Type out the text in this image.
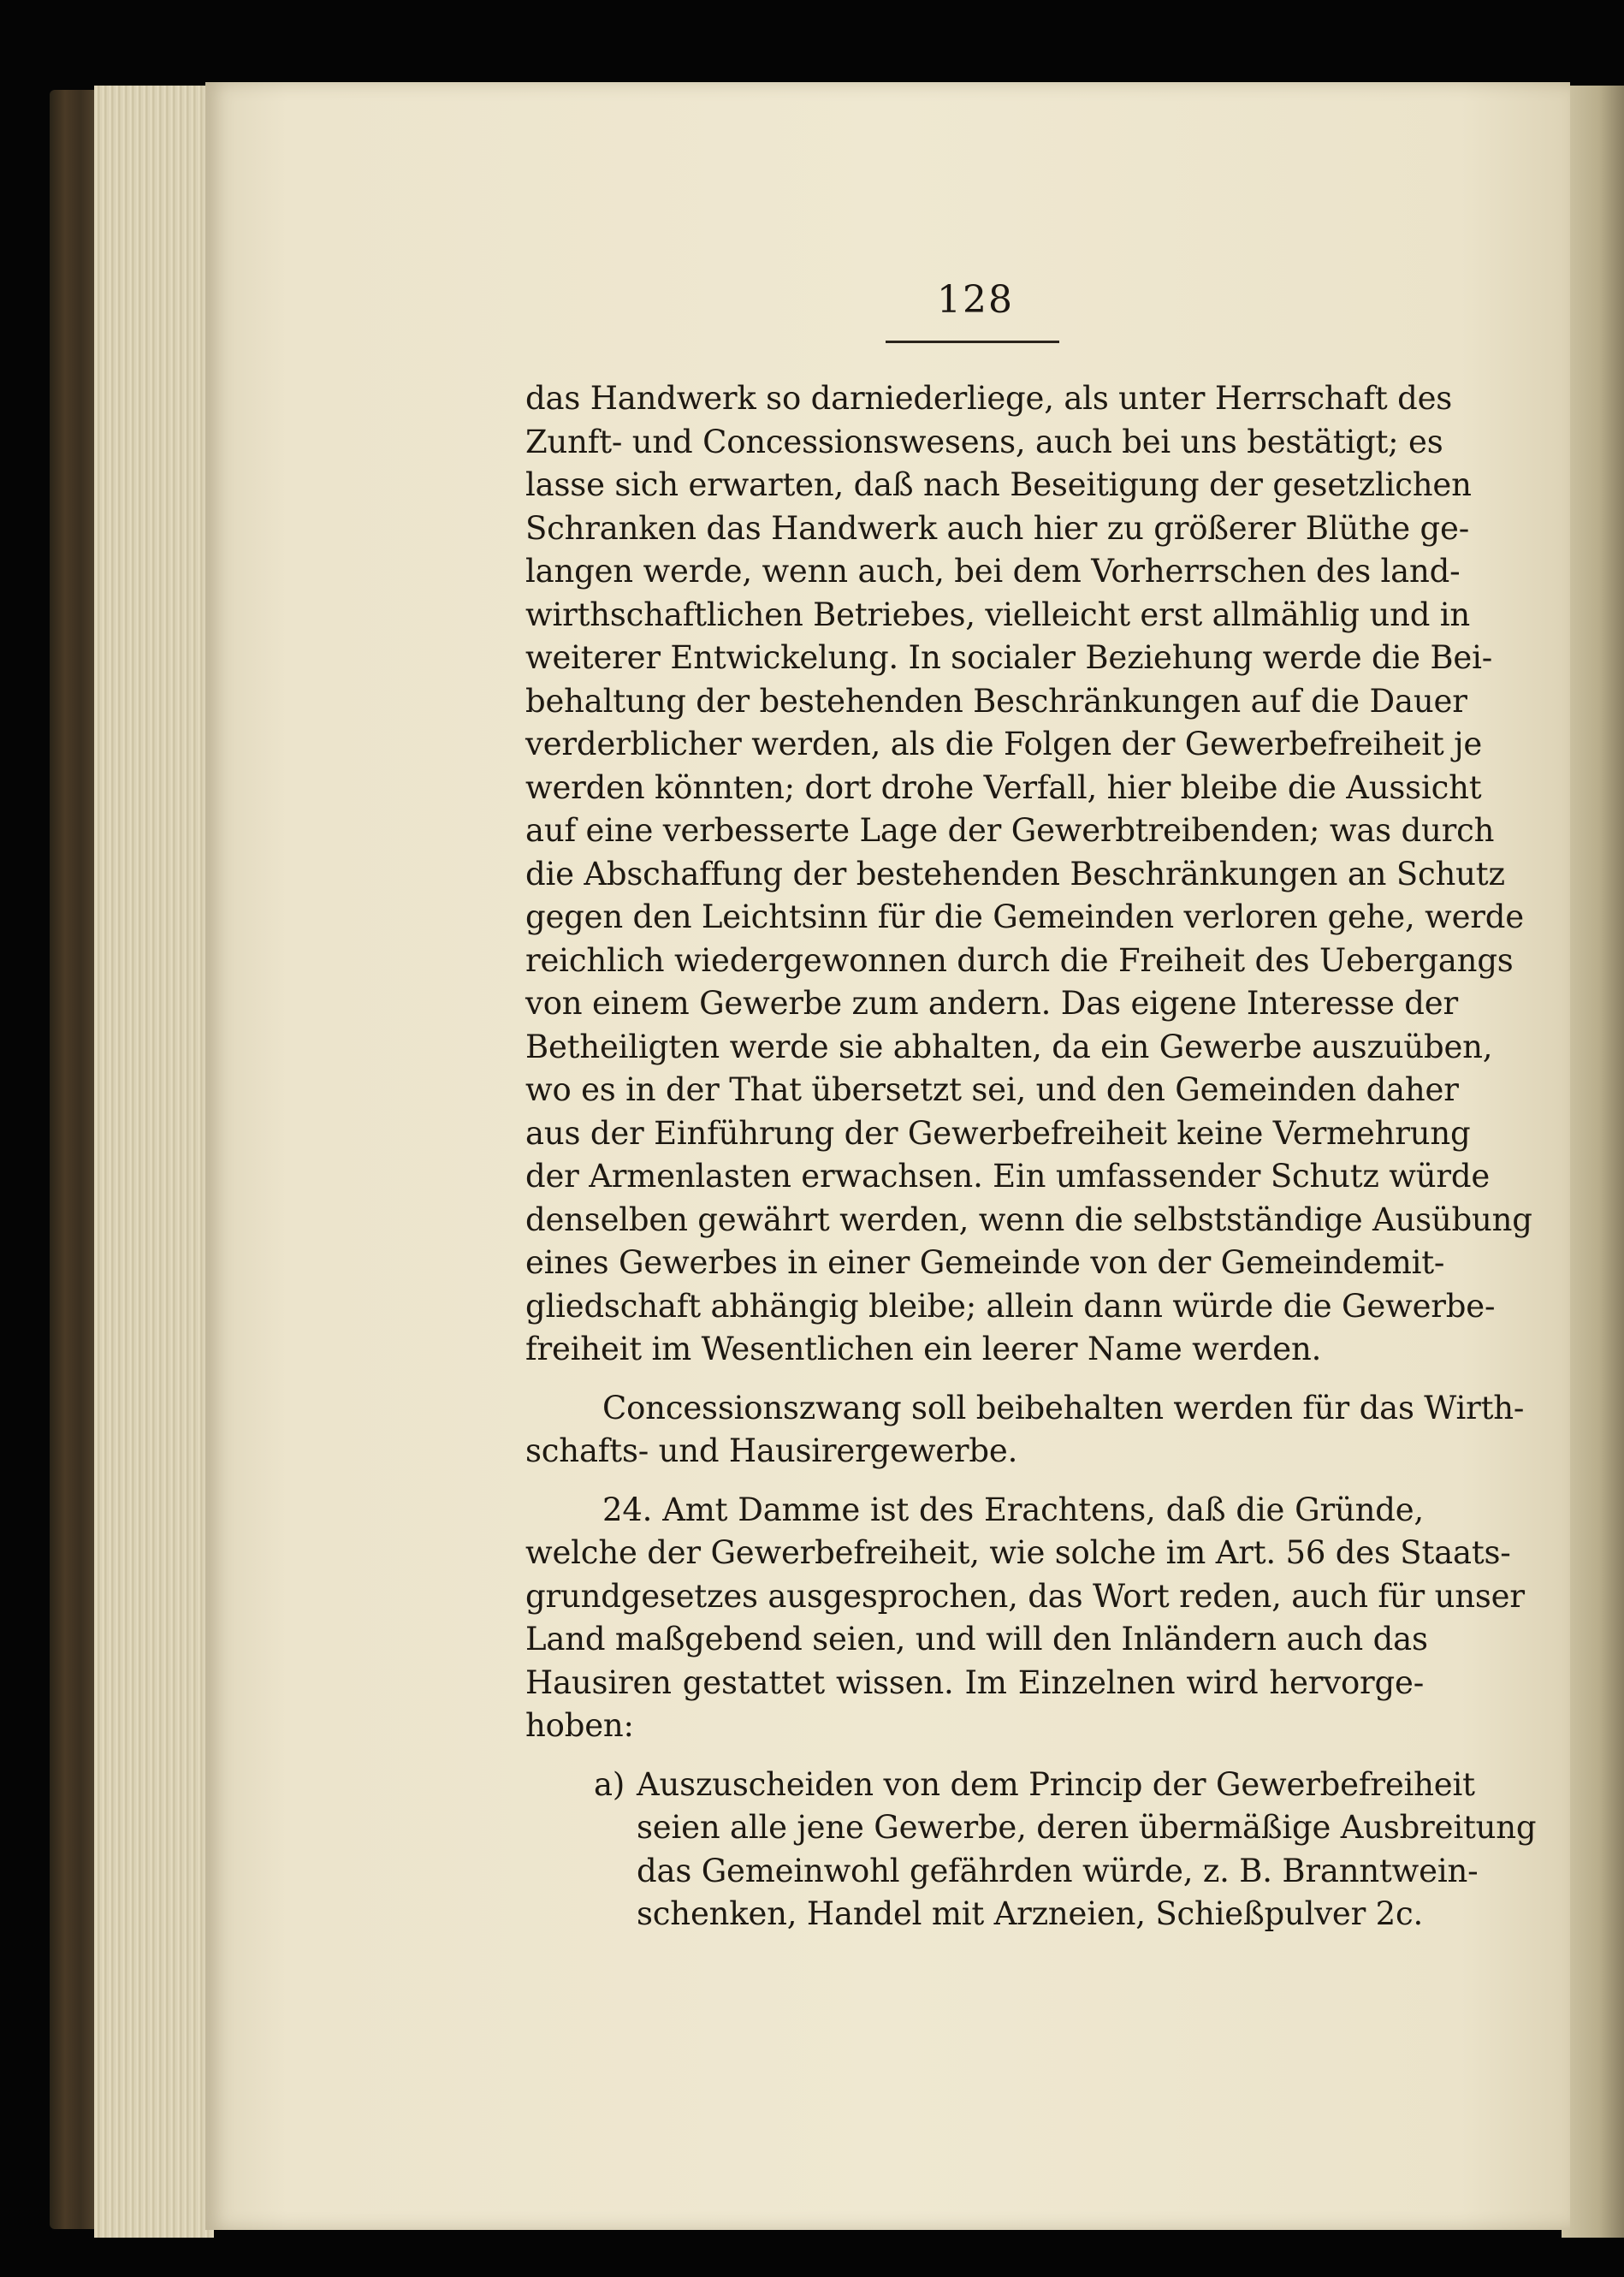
128
das Handwerk so darniederliege, als unter Herrschaft des
Zunft- und Concessionswesens, auch bei uns bestätigt; es
lasse sich erwarten, daß nach Beseitigung der gesetzlichen
Schranken das Handwerk auch hier zu größerer Blüthe ge-
langen werde, wenn auch, bei dem Vorherrschen des land-
wirthschaftlichen Betriebes, vielleicht erst allmählig und in
weiterer Entwickelung. In socialer Beziehung werde die Bei-
behaltung der bestehenden Beschränkungen auf die Dauer
verderblicher werden, als die Folgen der Gewerbefreiheit je
werden könnten; dort drohe Verfall, hier bleibe die Aussicht
auf eine verbesserte Lage der Gewerbtreibenden; was durch
die Abschaffung der bestehenden Beschränkungen an Schutz
gegen den Leichtsinn für die Gemeinden verloren gehe, werde
reichlich wiedergewonnen durch die Freiheit des Uebergangs
von einem Gewerbe zum andern. Das eigene Interesse der
Betheiligten werde sie abhalten, da ein Gewerbe auszuüben,
wo es in der That übersetzt sei, und den Gemeinden daher
aus der Einführung der Gewerbefreiheit keine Vermehrung
der Armenlasten erwachsen. Ein umfassender Schutz würde
denselben gewährt werden, wenn die selbstständige Ausübung
eines Gewerbes in einer Gemeinde von der Gemeindemit-
gliedschaft abhängig bleibe; allein dann würde die Gewerbe-
freiheit im Wesentlichen ein leerer Name werden.
Concessionszwang soll beibehalten werden für das Wirth-
schafts- und Hausirergewerbe.
24. Amt Damme ist des Erachtens, daß die Gründe,
welche der Gewerbefreiheit, wie solche im Art. 56 des Staats-
grundgesetzes ausgesprochen, das Wort reden, auch für unser
Land maßgebend seien, und will den Inländern auch das
Hausiren gestattet wissen. Im Einzelnen wird hervorge-
hoben:
a) Auszuscheiden von dem Princip der Gewerbefreiheit
seien alle jene Gewerbe, deren übermäßige Ausbreitung
das Gemeinwohl gefährden würde, z. B. Branntwein-
schenken, Handel mit Arzneien, Schießpulver 2c.
